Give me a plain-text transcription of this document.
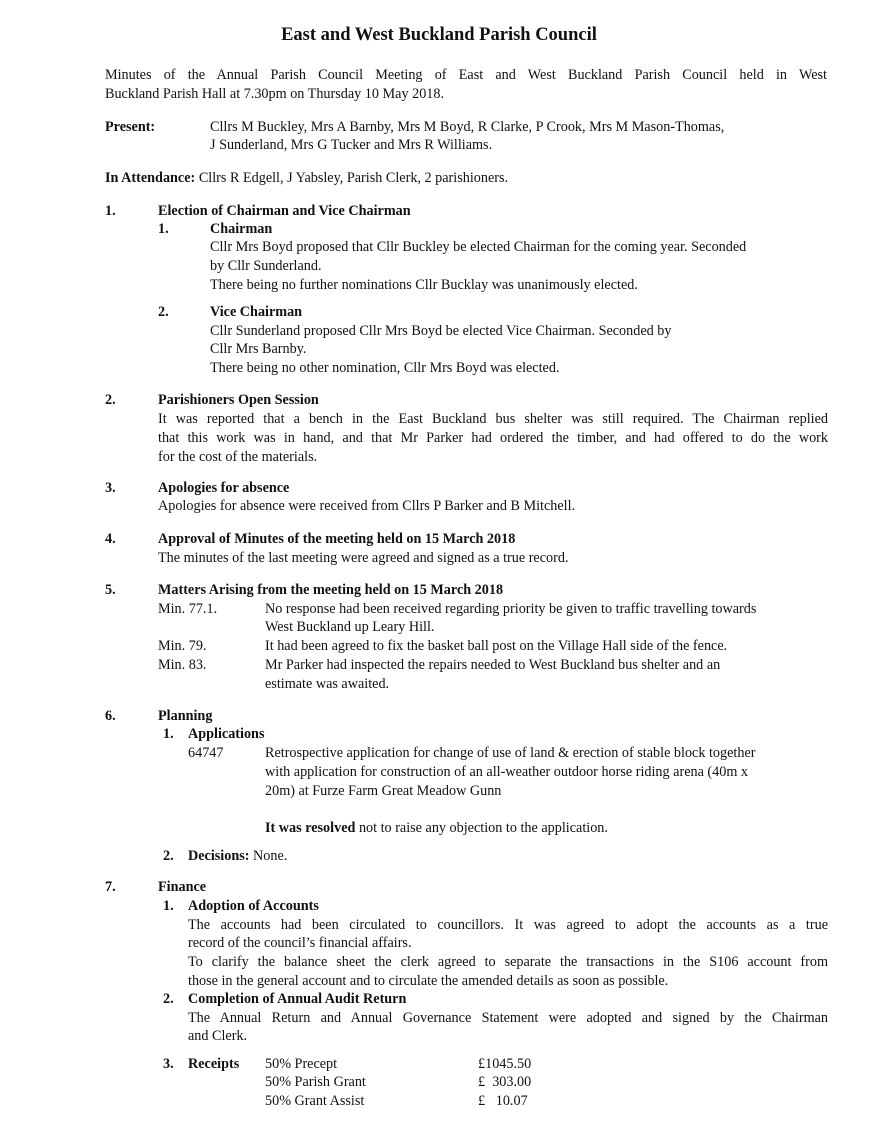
East and West Buckland Parish Council
Minutes of the Annual Parish Council Meeting of East and West Buckland Parish Council held in West
Buckland Parish Hall at 7.30pm on Thursday 10 May 2018.
Present:	Cllrs M Buckley, Mrs A Barnby, Mrs M Boyd, R Clarke, P Crook, Mrs M Mason-Thomas,
J Sunderland, Mrs G Tucker and Mrs R Williams.
In Attendance: Cllrs R Edgell, J Yabsley, Parish Clerk, 2 parishioners.
1.	Election of Chairman and Vice Chairman
1.	Chairman
Cllr Mrs Boyd proposed that Cllr Buckley be elected Chairman for the coming year. Seconded
by Cllr Sunderland.
There being no further nominations Cllr Bucklay was unanimously elected.
2.	Vice Chairman
Cllr Sunderland proposed Cllr Mrs Boyd be elected Vice Chairman. Seconded by
Cllr Mrs Barnby.
There being no other nomination, Cllr Mrs Boyd was elected.
2.	Parishioners Open Session
It was reported that a bench in the East Buckland bus shelter was still required. The Chairman replied
that this work was in hand, and that Mr Parker had ordered the timber, and had offered to do the work
for the cost of the materials.
3.	Apologies for absence
Apologies for absence were received from Cllrs P Barker and B Mitchell.
4.	Approval of Minutes of the meeting held on 15 March 2018
The minutes of the last meeting were agreed and signed as a true record.
5.	Matters Arising from the meeting held on 15 March 2018
Min. 77.1.	No response had been received regarding priority be given to traffic travelling towards
West Buckland up Leary Hill.
Min. 79.	It had been agreed to fix the basket ball post on the Village Hall side of the fence.
Min. 83.	Mr Parker had inspected the repairs needed to West Buckland bus shelter and an
estimate was awaited.
6.	Planning
1. Applications
64747	Retrospective application for change of use of land & erection of stable block together
with application for construction of an all-weather outdoor horse riding arena (40m x
20m) at Furze Farm Great Meadow Gunn
It was resolved not to raise any objection to the application.
2. Decisions: None.
7.	Finance
1. Adoption of Accounts
The accounts had been circulated to councillors. It was agreed to adopt the accounts as a true
record of the council’s financial affairs.
To clarify the balance sheet the clerk agreed to separate the transactions in the S106 account from
those in the general account and to circulate the amended details as soon as possible.
2. Completion of Annual Audit Return
The Annual Return and Annual Governance Statement were adopted and signed by the Chairman
and Clerk.
3. Receipts 50% Precept	£1045.50
50% Parish Grant	£  303.00
50% Grant Assist	£   10.07
